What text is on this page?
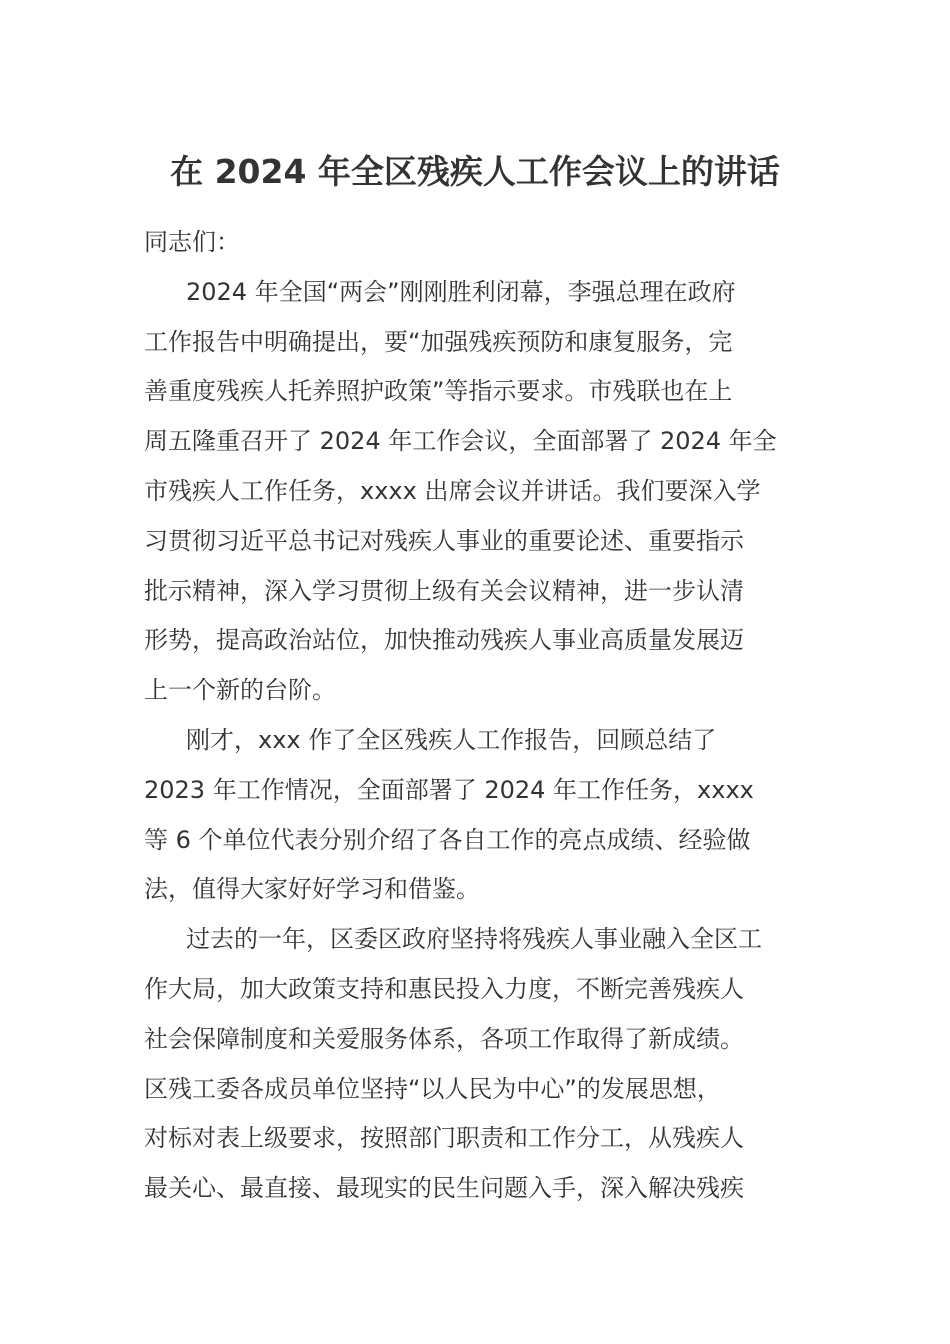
在 2024 年全区残疾人工作会议上的讲话
同志们：
2024 年全国“两会”刚刚胜利闭幕，李强总理在政府
工作报告中明确提出，要“加强残疾预防和康复服务，完
善重度残疾人托养照护政策”等指示要求。市残联也在上
周五隆重召开了 2024 年工作会议，全面部署了 2024 年全
市残疾人工作任务，xxxx 出席会议并讲话。我们要深入学
习贯彻习近平总书记对残疾人事业的重要论述、重要指示
批示精神，深入学习贯彻上级有关会议精神，进一步认清
形势，提高政治站位，加快推动残疾人事业高质量发展迈
上一个新的台阶。
刚才，xxx 作了全区残疾人工作报告，回顾总结了
2023 年工作情况，全面部署了 2024 年工作任务，xxxx
等 6 个单位代表分别介绍了各自工作的亮点成绩、经验做
法，值得大家好好学习和借鉴。
过去的一年，区委区政府坚持将残疾人事业融入全区工
作大局，加大政策支持和惠民投入力度，不断完善残疾人
社会保障制度和关爱服务体系，各项工作取得了新成绩。
区残工委各成员单位坚持“以人民为中心”的发展思想，
对标对表上级要求，按照部门职责和工作分工，从残疾人
最关心、最直接、最现实的民生问题入手，深入解决残疾
